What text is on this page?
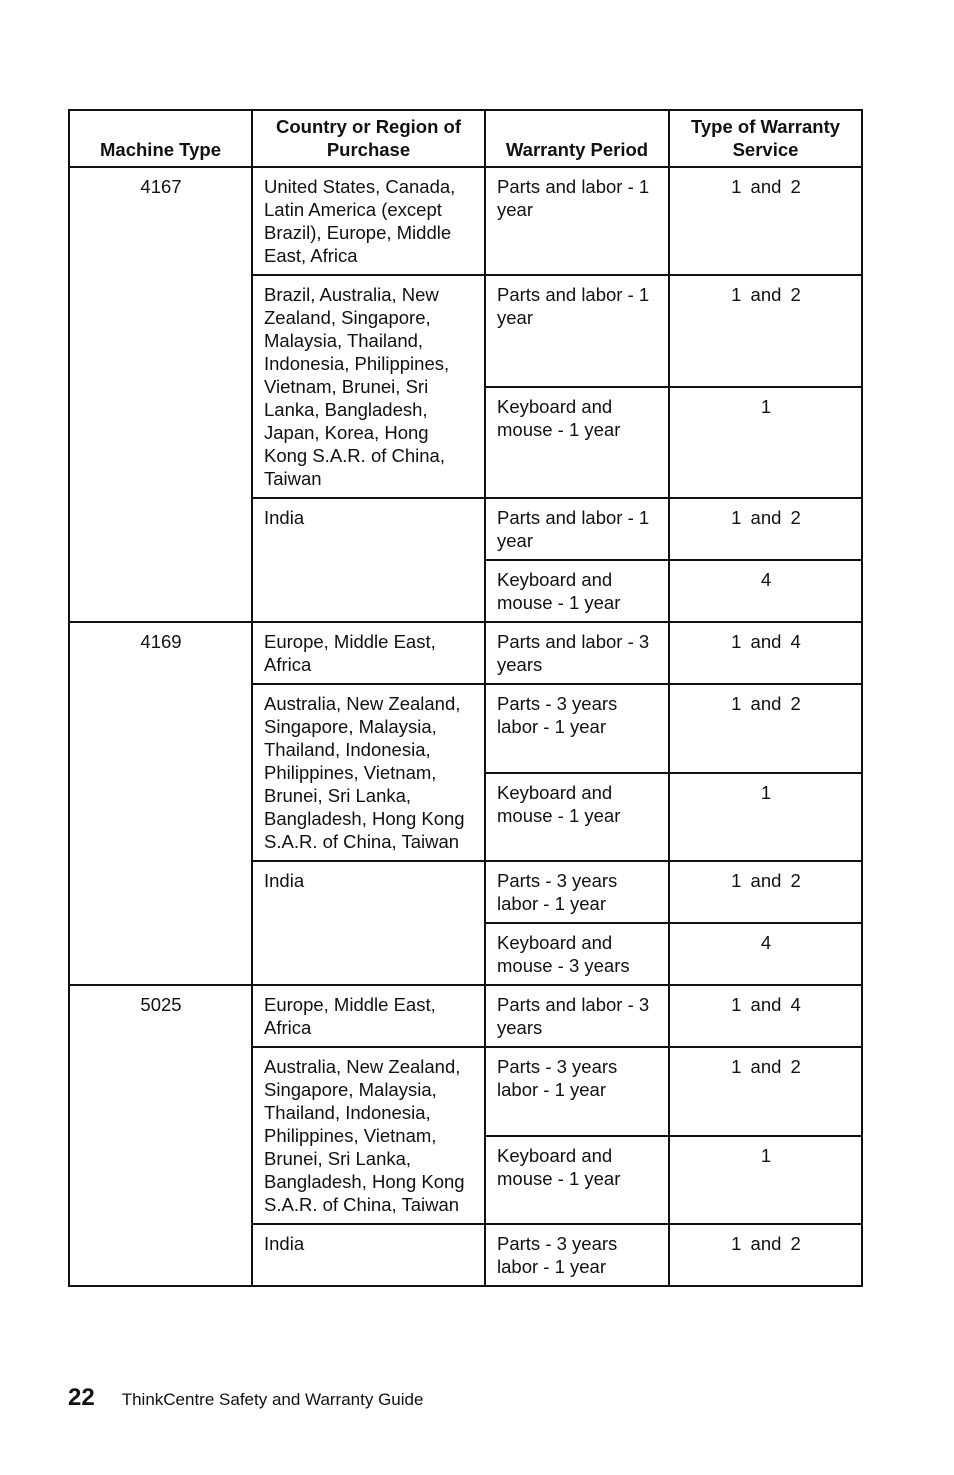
Machine Type	Country or Region of Purchase	Warranty Period	Type of Warranty Service
4167	United States, Canada, Latin America (except Brazil), Europe, Middle East, Africa	Parts and labor - 1 year	1 and 2
	Brazil, Australia, New Zealand, Singapore, Malaysia, Thailand, Indonesia, Philippines, Vietnam, Brunei, Sri Lanka, Bangladesh, Japan, Korea, Hong Kong S.A.R. of China, Taiwan	Parts and labor - 1 year	1 and 2
		Keyboard and mouse - 1 year	1
	India	Parts and labor - 1 year	1 and 2
		Keyboard and mouse - 1 year	4
4169	Europe, Middle East, Africa	Parts and labor - 3 years	1 and 4
	Australia, New Zealand, Singapore, Malaysia, Thailand, Indonesia, Philippines, Vietnam, Brunei, Sri Lanka, Bangladesh, Hong Kong S.A.R. of China, Taiwan	Parts - 3 years labor - 1 year	1 and 2
		Keyboard and mouse - 1 year	1
	India	Parts - 3 years labor - 1 year	1 and 2
		Keyboard and mouse - 3 years	4
5025	Europe, Middle East, Africa	Parts and labor - 3 years	1 and 4
	Australia, New Zealand, Singapore, Malaysia, Thailand, Indonesia, Philippines, Vietnam, Brunei, Sri Lanka, Bangladesh, Hong Kong S.A.R. of China, Taiwan	Parts - 3 years labor - 1 year	1 and 2
		Keyboard and mouse - 1 year	1
	India	Parts - 3 years labor - 1 year	1 and 2
22 ThinkCentre Safety and Warranty Guide
